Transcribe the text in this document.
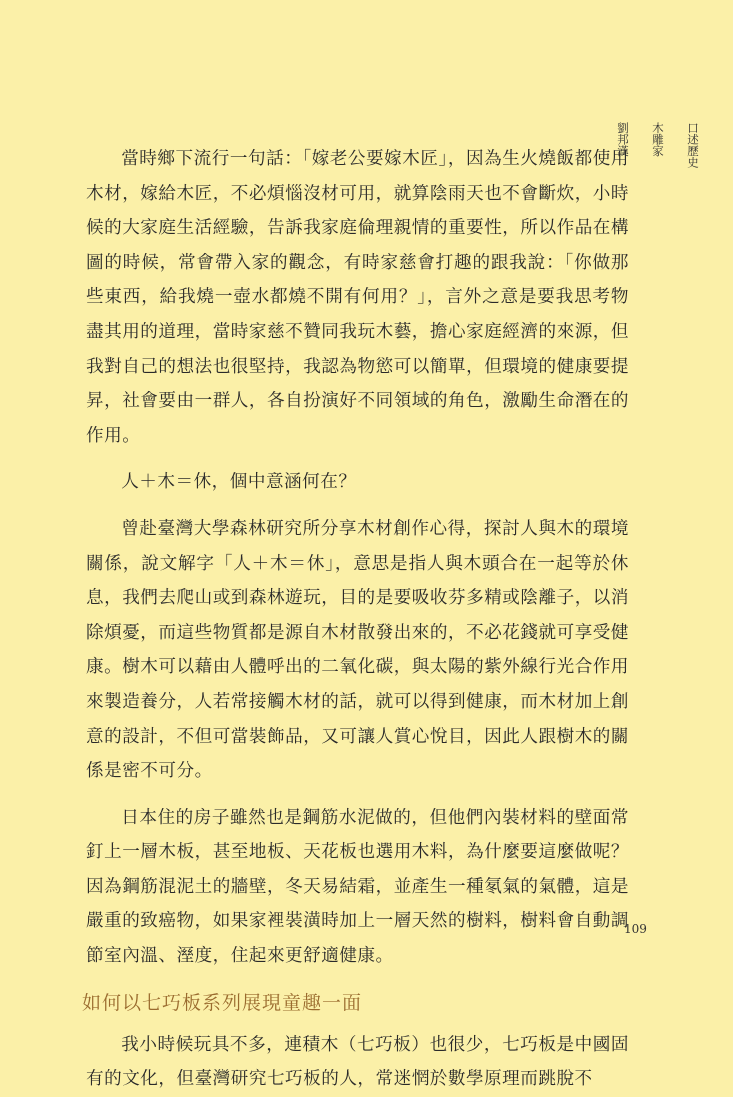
口述歷史
木雕家
劉邦漢

當時鄉下流行一句話：「嫁老公要嫁木匠」，因為生火燒飯都使用木材，嫁給木匠，不必煩惱沒材可用，就算陰雨天也不會斷炊，小時候的大家庭生活經驗，告訴我家庭倫理親情的重要性，所以作品在構圖的時候，常會帶入家的觀念，有時家慈會打趣的跟我說：「你做那些東西，給我燒一壺水都燒不開有何用？」，言外之意是要我思考物盡其用的道理，當時家慈不贊同我玩木藝，擔心家庭經濟的來源，但我對自己的想法也很堅持，我認為物慾可以簡單，但環境的健康要提昇，社會要由一群人，各自扮演好不同領域的角色，激勵生命潛在的作用。

人＋木＝休，個中意涵何在？

曾赴臺灣大學森林研究所分享木材創作心得，探討人與木的環境關係，說文解字「人＋木＝休」，意思是指人與木頭合在一起等於休息，我們去爬山或到森林遊玩，目的是要吸收芬多精或陰離子，以消除煩憂，而這些物質都是源自木材散發出來的，不必花錢就可享受健康。樹木可以藉由人體呼出的二氧化碳，與太陽的紫外線行光合作用來製造養分，人若常接觸木材的話，就可以得到健康，而木材加上創意的設計，不但可當裝飾品，又可讓人賞心悅目，因此人跟樹木的關係是密不可分。

日本住的房子雖然也是鋼筋水泥做的，但他們內裝材料的壁面常釘上一層木板，甚至地板、天花板也選用木料，為什麼要這麼做呢？因為鋼筋混泥土的牆壁，冬天易結霜，並產生一種氡氣的氣體，這是嚴重的致癌物，如果家裡裝潢時加上一層天然的樹料，樹料會自動調節室內溫、溼度，住起來更舒適健康。

如何以七巧板系列展現童趣一面

我小時候玩具不多，連積木（七巧板）也很少，七巧板是中國固有的文化，但臺灣研究七巧板的人，常迷惘於數學原理而跳脫不

109
